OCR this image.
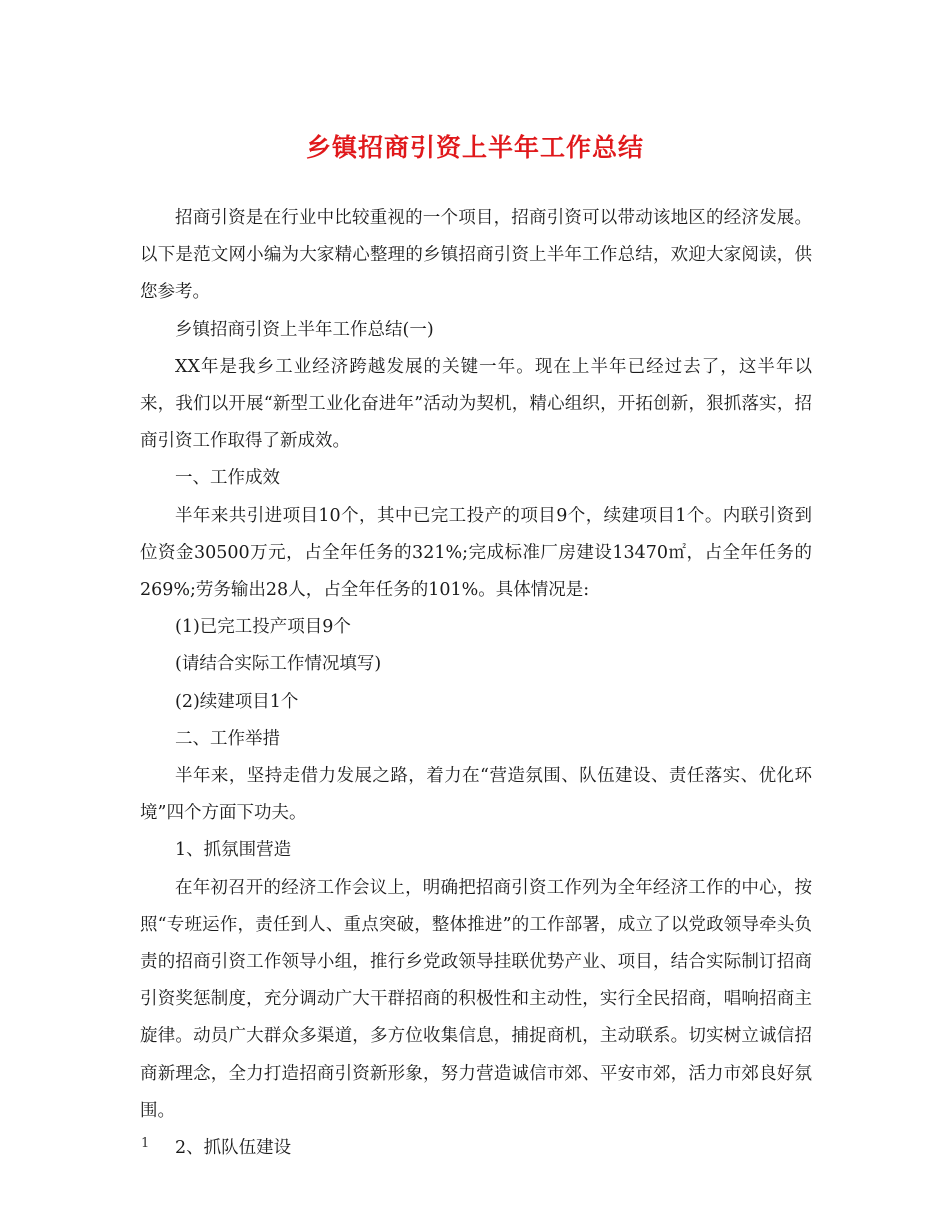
乡镇招商引资上半年工作总结

招商引资是在行业中比较重视的一个项目，招商引资可以带动该地区的经济发展。以下是范文网小编为大家精心整理的乡镇招商引资上半年工作总结，欢迎大家阅读，供您参考。

乡镇招商引资上半年工作总结(一)

XX年是我乡工业经济跨越发展的关键一年。现在上半年已经过去了，这半年以来，我们以开展“新型工业化奋进年”活动为契机，精心组织，开拓创新，狠抓落实，招商引资工作取得了新成效。

一、工作成效

半年来共引进项目10个，其中已完工投产的项目9个，续建项目1个。内联引资到位资金30500万元，占全年任务的321%;完成标准厂房建设13470㎡，占全年任务的269%;劳务输出28人，占全年任务的101%。具体情况是:

(1)已完工投产项目9个

(请结合实际工作情况填写)

(2)续建项目1个

二、工作举措

半年来，坚持走借力发展之路，着力在“营造氛围、队伍建设、责任落实、优化环境”四个方面下功夫。

1、抓氛围营造

在年初召开的经济工作会议上，明确把招商引资工作列为全年经济工作的中心，按照“专班运作，责任到人、重点突破，整体推进”的工作部署，成立了以党政领导牵头负责的招商引资工作领导小组，推行乡党政领导挂联优势产业、项目，结合实际制订招商引资奖惩制度，充分调动广大干群招商的积极性和主动性，实行全民招商，唱响招商主旋律。动员广大群众多渠道，多方位收集信息，捕捉商机，主动联系。切实树立诚信招商新理念，全力打造招商引资新形象，努力营造诚信市郊、平安市郊，活力市郊良好氛围。

2、抓队伍建设

1
